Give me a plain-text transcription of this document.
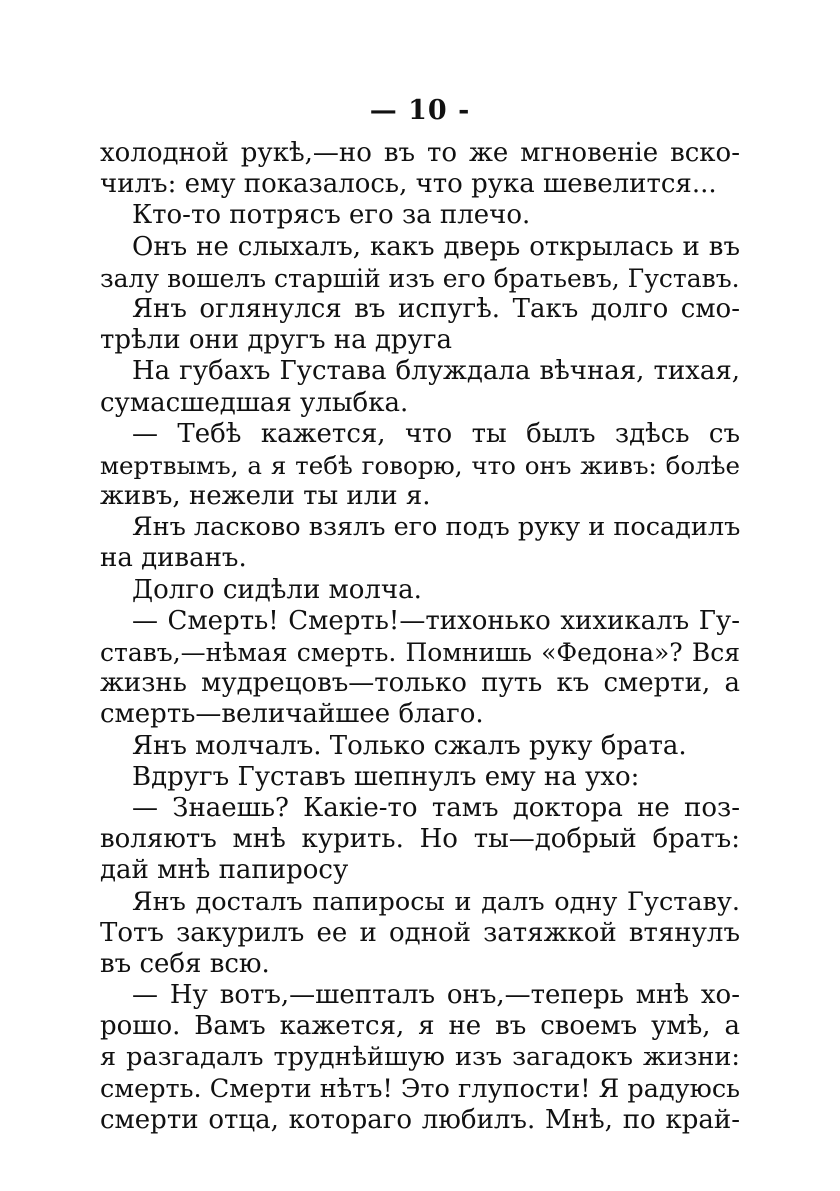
— 10 -
холодной рукѣ,—но въ то же мгновеніе вско-
чилъ: ему показалось, что рука шевелится...
Кто-то потрясъ его за плечо.
Онъ не слыхалъ, какъ дверь открылась и въ
залу вошелъ старшій изъ его братьевъ, Густавъ.
Янъ оглянулся въ испугѣ. Такъ долго смо-
трѣли они другъ на друга
На губахъ Густава блуждала вѣчная, тихая,
сумасшедшая улыбка.
— Тебѣ кажется, что ты былъ здѣсь съ
мертвымъ, а я тебѣ говорю, что онъ живъ: болѣе
живъ, нежели ты или я.
Янъ ласково взялъ его подъ руку и посадилъ
на диванъ.
Долго сидѣли молча.
— Смерть! Смерть!—тихонько хихикалъ Гу-
ставъ,—нѣмая смерть. Помнишь «Федона»? Вся
жизнь мудрецовъ—только путь къ смерти, а
смерть—величайшее благо.
Янъ молчалъ. Только сжалъ руку брата.
Вдругъ Густавъ шепнулъ ему на ухо:
— Знаешь? Какіе-то тамъ доктора не поз-
воляютъ мнѣ курить. Но ты—добрый братъ:
дай мнѣ папиросу
Янъ досталъ папиросы и далъ одну Густаву.
Тотъ закурилъ ее и одной затяжкой втянулъ
въ себя всю.
— Ну вотъ,—шепталъ онъ,—теперь мнѣ хо-
рошо. Вамъ кажется, я не въ своемъ умѣ, а
я разгадалъ труднѣйшую изъ загадокъ жизни:
смерть. Смерти нѣтъ! Это глупости! Я радуюсь
смерти отца, котораго любилъ. Мнѣ, по край-
